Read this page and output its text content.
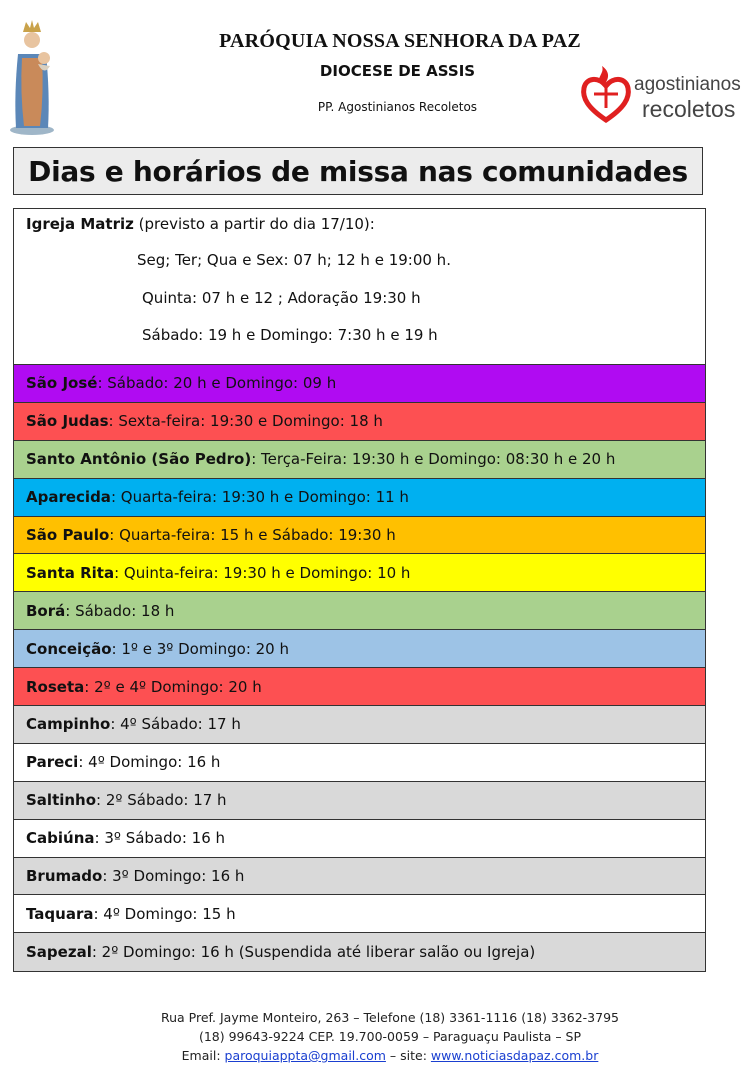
PARÓQUIA NOSSA SENHORA DA PAZ
DIOCESE DE ASSIS
PP. Agostinianos Recoletos
agostinianos
recoletos
Dias e horários de missa nas comunidades
Igreja Matriz (previsto a partir do dia 17/10):
Seg; Ter; Qua e Sex: 07 h; 12 h e 19:00 h.
Quinta: 07 h e 12 ; Adoração 19:30 h
Sábado: 19 h e Domingo: 7:30 h e 19 h
São José : Sábado: 20 h e Domingo: 09 h
São Judas : Sexta-feira: 19:30 e Domingo: 18 h
Santo Antônio (São Pedro) : Terça-Feira: 19:30 h e Domingo: 08:30 h e 20 h
Aparecida : Quarta-feira: 19:30 h e Domingo: 11 h
São Paulo : Quarta-feira: 15 h e Sábado: 19:30 h
Santa Rita : Quinta-feira: 19:30 h e Domingo: 10 h
Borá : Sábado: 18 h
Conceição : 1º e 3º Domingo: 20 h
Roseta : 2º e 4º Domingo: 20 h
Campinho : 4º Sábado: 17 h
Pareci : 4º Domingo: 16 h
Saltinho : 2º Sábado: 17 h
Cabiúna : 3º Sábado: 16 h
Brumado : 3º Domingo: 16 h
Taquara : 4º Domingo: 15 h
Sapezal : 2º Domingo: 16 h (Suspendida até liberar salão ou Igreja)
Rua Pref. Jayme Monteiro, 263 – Telefone (18) 3361-1116 (18) 3362-3795
(18) 99643-9224 CEP. 19.700-0059 – Paraguaçu Paulista – SP
Email: paroquiappta@gmail.com – site: www.noticiasdapaz.com.br
